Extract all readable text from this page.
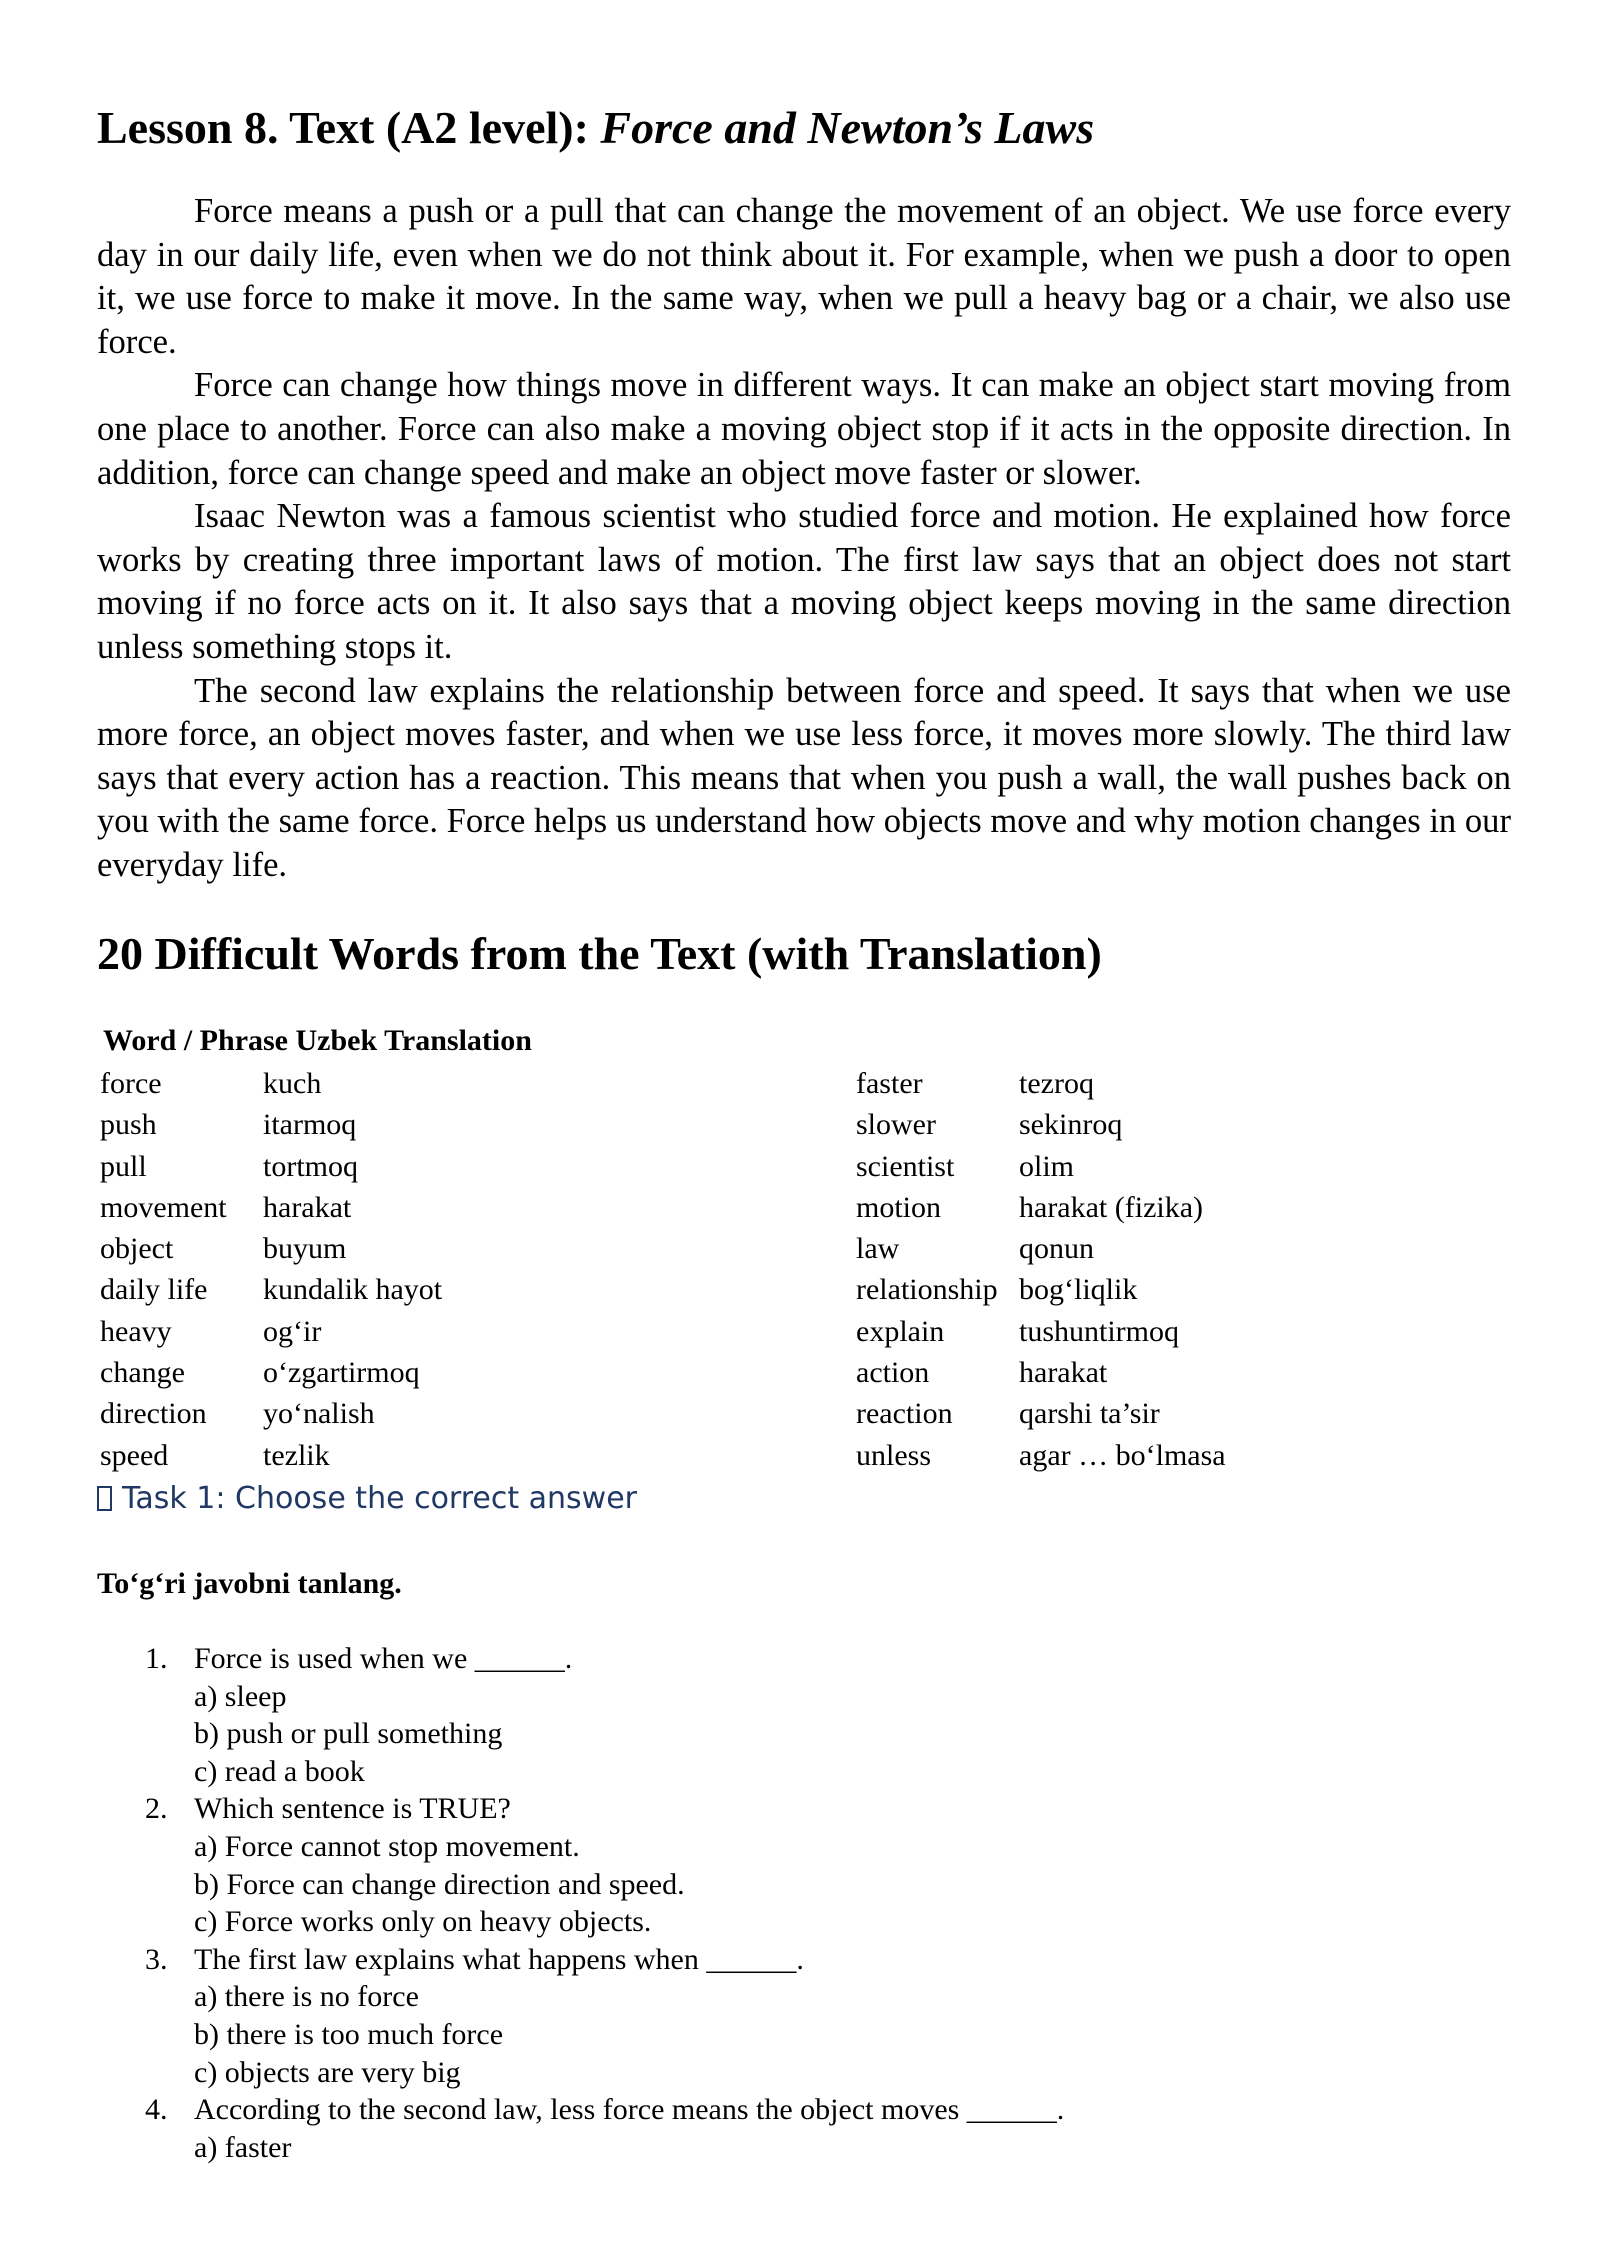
Lesson 8. Text (A2 level): Force and Newton’s Laws

Force means a push or a pull that can change the movement of an object. We use force every day in our daily life, even when we do not think about it. For example, when we push a door to open it, we use force to make it move. In the same way, when we pull a heavy bag or a chair, we also use force.

Force can change how things move in different ways. It can make an object start moving from one place to another. Force can also make a moving object stop if it acts in the opposite direction. In addition, force can change speed and make an object move faster or slower.

Isaac Newton was a famous scientist who studied force and motion. He explained how force works by creating three important laws of motion. The first law says that an object does not start moving if no force acts on it. It also says that a moving object keeps moving in the same direction unless something stops it.

The second law explains the relationship between force and speed. It says that when we use more force, an object moves faster, and when we use less force, it moves more slowly. The third law says that every action has a reaction. This means that when you push a wall, the wall pushes back on you with the same force. Force helps us understand how objects move and why motion changes in our everyday life.

20 Difficult Words from the Text (with Translation)
Word / Phrase Uzbek Translation
force	kuch
push	itarmoq
pull	tortmoq
movement harakat
object	buyum
daily life kundalik hayot
heavy	og‘ir
change	o‘zgartirmoq
direction yo‘nalish
speed	tezlik
faster	tezroq
slower	sekinroq
scientist olim
motion	harakat (fizika)
law	qonun
relationship bog‘liqlik
explain tushuntirmoq
action	harakat
reaction qarshi ta’sir
unless	agar … bo‘lmasa
Task 1: Choose the correct answer
To‘g‘ri javobni tanlang.
1. Force is used when we ______.
a) sleep
b) push or pull something
c) read a book
2. Which sentence is TRUE?
a) Force cannot stop movement.
b) Force can change direction and speed.
c) Force works only on heavy objects.
3. The first law explains what happens when ______.
a) there is no force
b) there is too much force
c) objects are very big
4. According to the second law, less force means the object moves ______.
a) faster
